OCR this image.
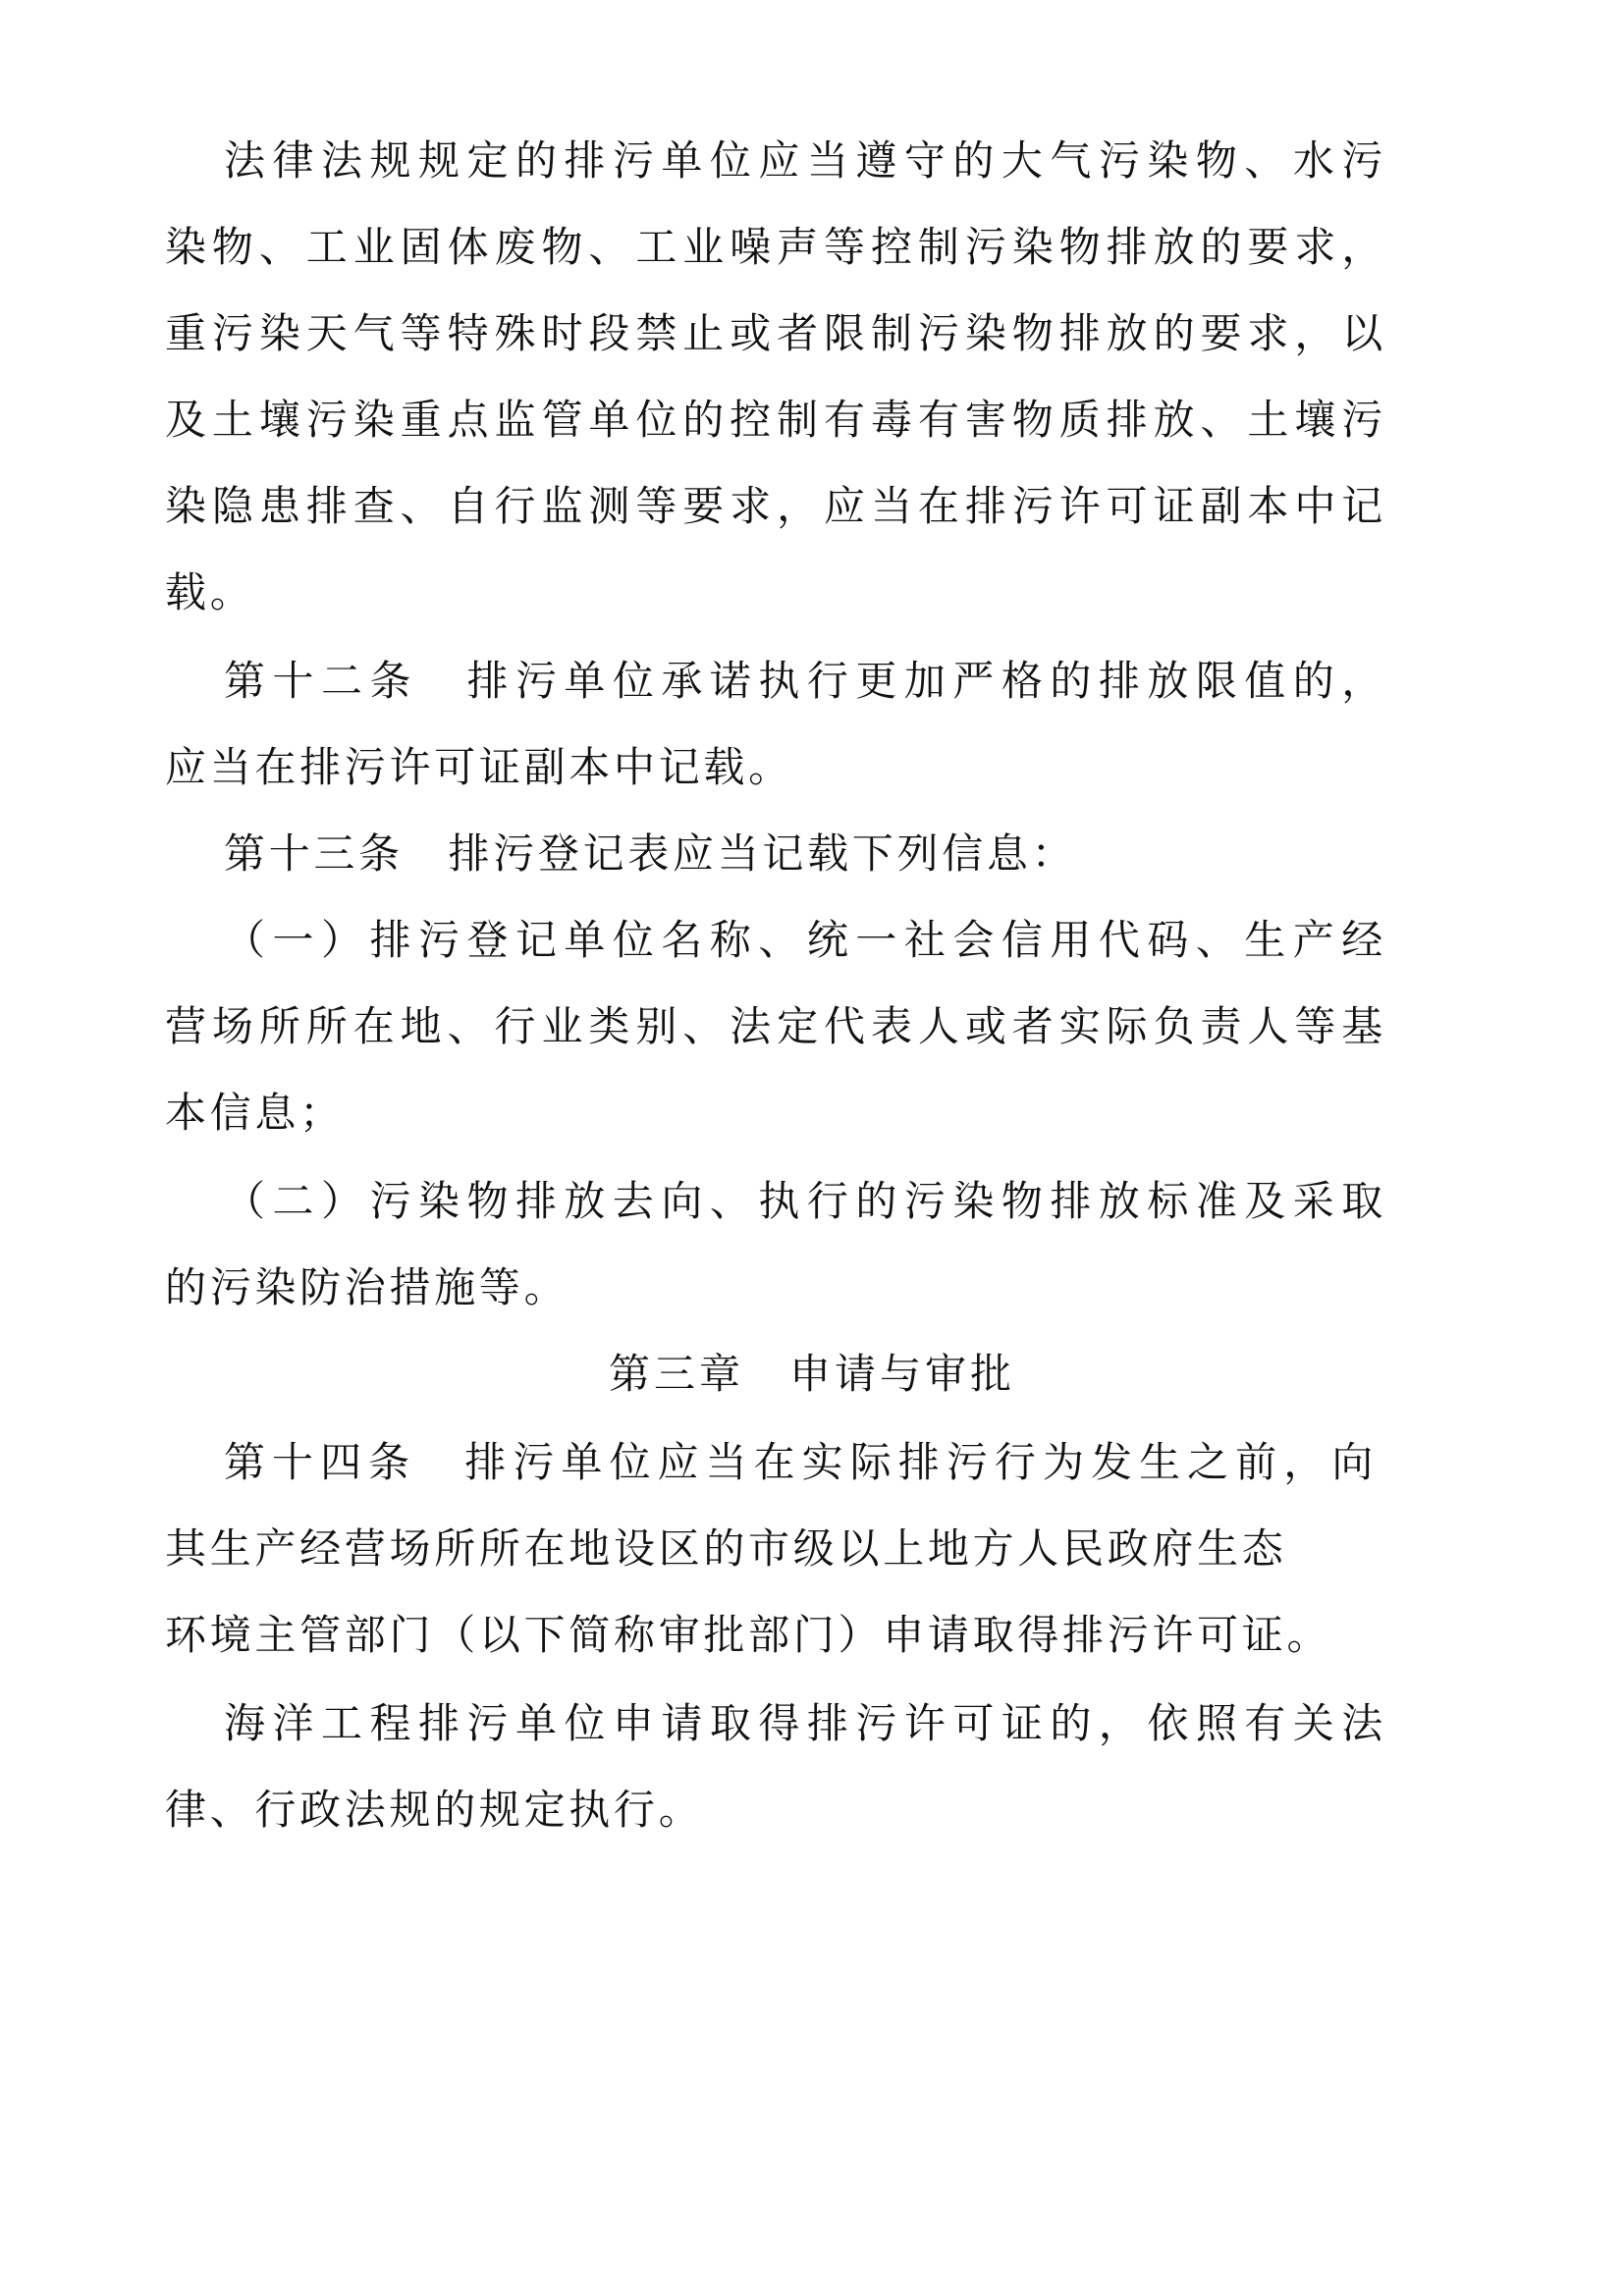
法律法规规定的排污单位应当遵守的大气污染物、水污
染物、工业固体废物、工业噪声等控制污染物排放的要求，
重污染天气等特殊时段禁止或者限制污染物排放的要求，以
及土壤污染重点监管单位的控制有毒有害物质排放、土壤污
染隐患排查、自行监测等要求，应当在排污许可证副本中记
载。
第十二条　排污单位承诺执行更加严格的排放限值的，
应当在排污许可证副本中记载。
第十三条　排污登记表应当记载下列信息：
（一）排污登记单位名称、统一社会信用代码、生产经
营场所所在地、行业类别、法定代表人或者实际负责人等基
本信息；
（二）污染物排放去向、执行的污染物排放标准及采取
的污染防治措施等。
第三章　申请与审批
第十四条　排污单位应当在实际排污行为发生之前，向
其生产经营场所所在地设区的市级以上地方人民政府生态
环境主管部门（以下简称审批部门）申请取得排污许可证。
海洋工程排污单位申请取得排污许可证的，依照有关法
律、行政法规的规定执行。
